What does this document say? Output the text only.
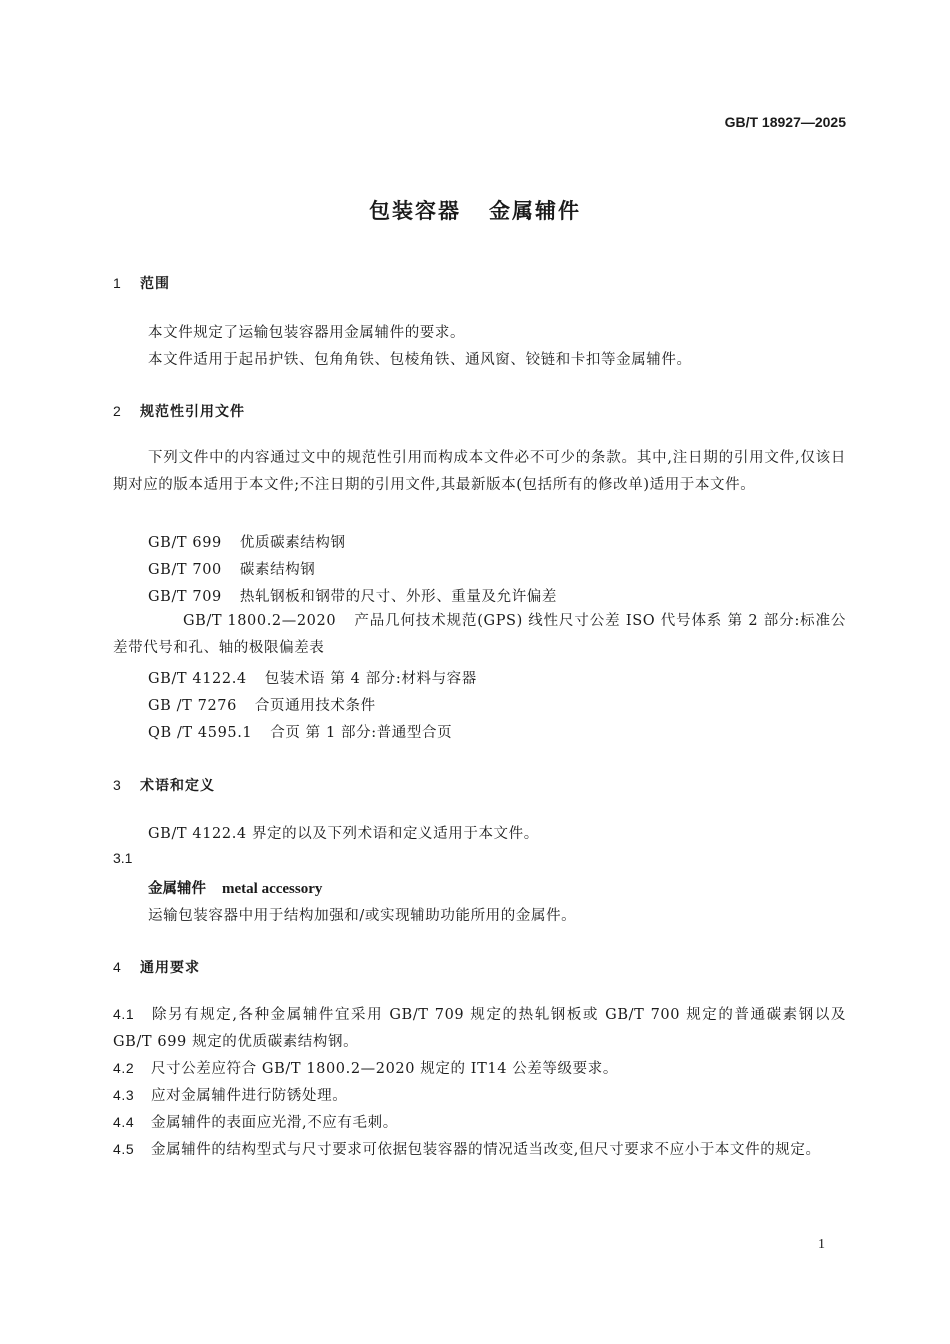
GB/T 18927—2025
包装容器 金属辅件
1 范围
本文件规定了运输包装容器用金属辅件的要求。
本文件适用于起吊护铁、包角角铁、包棱角铁、通风窗、铰链和卡扣等金属辅件。
2 规范性引用文件
下列文件中的内容通过文中的规范性引用而构成本文件必不可少的条款。其中,注日期的引用文件,仅该日期对应的版本适用于本文件;不注日期的引用文件,其最新版本(包括所有的修改单)适用于本文件。
GB/T 699 优质碳素结构钢
GB/T 700 碳素结构钢
GB/T 709 热轧钢板和钢带的尺寸、外形、重量及允许偏差
GB/T 1800.2—2020 产品几何技术规范(GPS) 线性尺寸公差 ISO 代号体系 第 2 部分:标准公差带代号和孔、轴的极限偏差表
GB/T 4122.4 包装术语 第 4 部分:材料与容器
GB /T 7276 合页通用技术条件
QB /T 4595.1 合页 第 1 部分:普通型合页
3 术语和定义
GB/T 4122.4 界定的以及下列术语和定义适用于本文件。
3.1
金属辅件 metal accessory
运输包装容器中用于结构加强和/或实现辅助功能所用的金属件。
4 通用要求
4.1 除另有规定,各种金属辅件宜采用 GB/T 709 规定的热轧钢板或 GB/T 700 规定的普通碳素钢以及 GB/T 699 规定的优质碳素结构钢。
4.2 尺寸公差应符合 GB/T 1800.2—2020 规定的 IT14 公差等级要求。
4.3 应对金属辅件进行防锈处理。
4.4 金属辅件的表面应光滑,不应有毛刺。
4.5 金属辅件的结构型式与尺寸要求可依据包装容器的情况适当改变,但尺寸要求不应小于本文件的规定。
1
